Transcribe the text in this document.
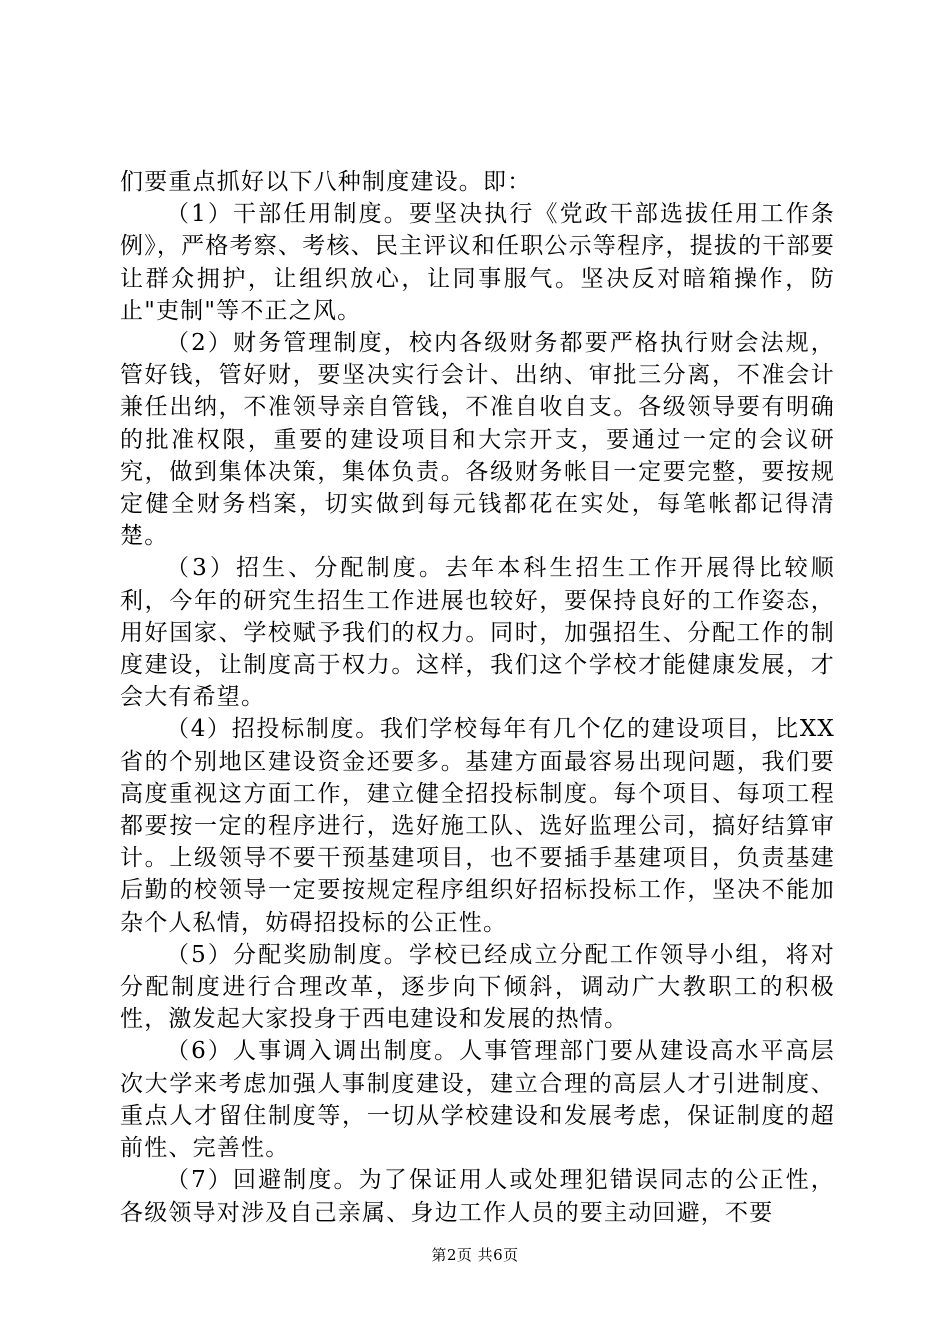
们要重点抓好以下八种制度建设。即：

（1）干部任用制度。要坚决执行《党政干部选拔任用工作条例》，严格考察、考核、民主评议和任职公示等程序，提拔的干部要让群众拥护，让组织放心，让同事服气。坚决反对暗箱操作，防止"吏制"等不正之风。

（2）财务管理制度，校内各级财务都要严格执行财会法规，管好钱，管好财，要坚决实行会计、出纳、审批三分离，不准会计兼任出纳，不准领导亲自管钱，不准自收自支。各级领导要有明确的批准权限，重要的建设项目和大宗开支，要通过一定的会议研究，做到集体决策，集体负责。各级财务帐目一定要完整，要按规定健全财务档案，切实做到每元钱都花在实处，每笔帐都记得清楚。

（3）招生、分配制度。去年本科生招生工作开展得比较顺利，今年的研究生招生工作进展也较好，要保持良好的工作姿态，用好国家、学校赋予我们的权力。同时，加强招生、分配工作的制度建设，让制度高于权力。这样，我们这个学校才能健康发展，才会大有希望。

（4）招投标制度。我们学校每年有几个亿的建设项目，比XX省的个别地区建设资金还要多。基建方面最容易出现问题，我们要高度重视这方面工作，建立健全招投标制度。每个项目、每项工程都要按一定的程序进行，选好施工队、选好监理公司，搞好结算审计。上级领导不要干预基建项目，也不要插手基建项目，负责基建后勤的校领导一定要按规定程序组织好招标投标工作，坚决不能加杂个人私情，妨碍招投标的公正性。

（5）分配奖励制度。学校已经成立分配工作领导小组，将对分配制度进行合理改革，逐步向下倾斜，调动广大教职工的积极性，激发起大家投身于西电建设和发展的热情。

（6）人事调入调出制度。人事管理部门要从建设高水平高层次大学来考虑加强人事制度建设，建立合理的高层人才引进制度、重点人才留住制度等，一切从学校建设和发展考虑，保证制度的超前性、完善性。

（7）回避制度。为了保证用人或处理犯错误同志的公正性，各级领导对涉及自己亲属、身边工作人员的要主动回避，不要

第2页 共6页
